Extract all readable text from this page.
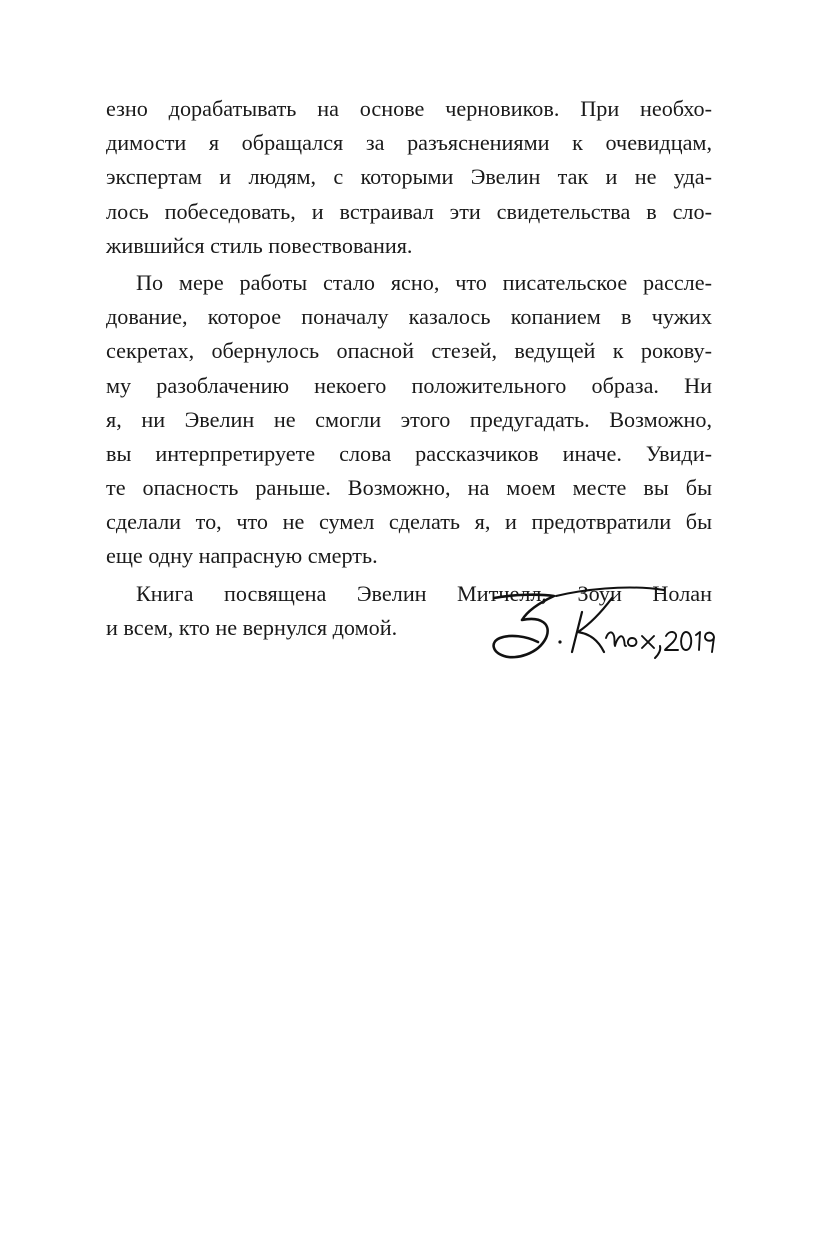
езно дорабатывать на основе черновиков. При необхо-
димости я обращался за разъяснениями к очевидцам,
экспертам и людям, с которыми Эвелин так и не уда-
лось побеседовать, и встраивал эти свидетельства в сло-
жившийся стиль повествования.

По мере работы стало ясно, что писательское рассле-
дование, которое поначалу казалось копанием в чужих
секретах, обернулось опасной стезей, ведущей к рокову-
му разоблачению некоего положительного образа. Ни
я, ни Эвелин не смогли этого предугадать. Возможно,
вы интерпретируете слова рассказчиков иначе. Увиди-
те опасность раньше. Возможно, на моем месте вы бы
сделали то, что не сумел сделать я, и предотвратили бы
еще одну напрасную смерть.

Книга посвящена Эвелин Митчелл, Зоуи Нолан
и всем, кто не вернулся домой.
